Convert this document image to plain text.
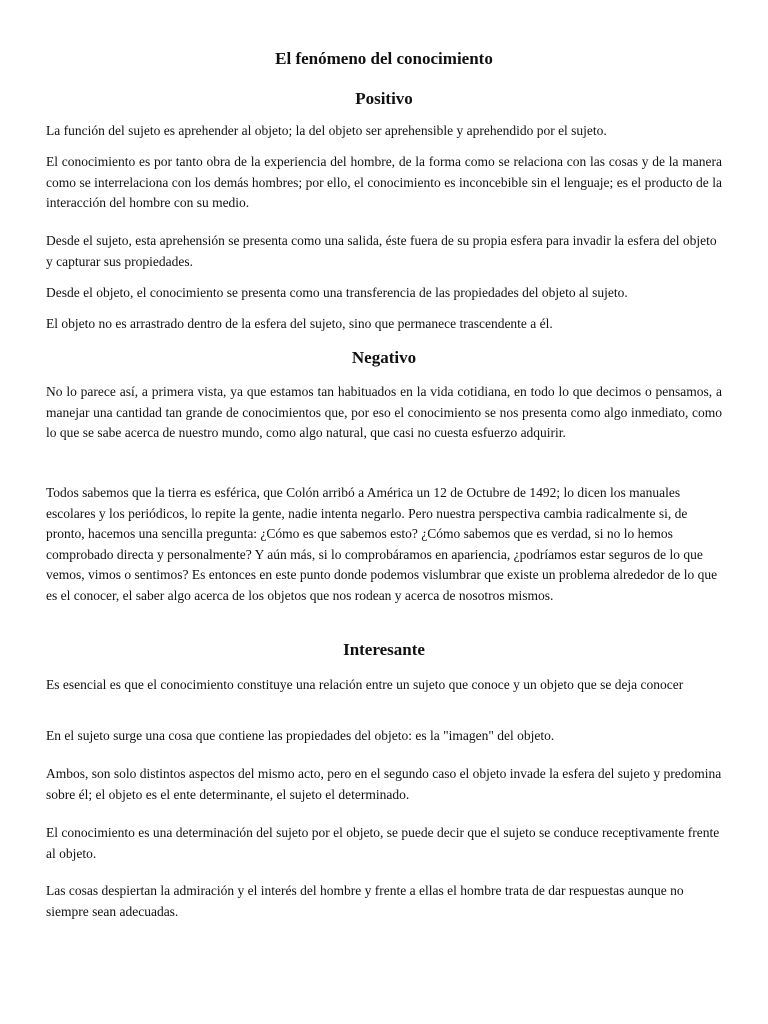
El fenómeno del conocimiento
Positivo

La función del sujeto es aprehender al objeto; la del objeto ser aprehensible y aprehendido por el sujeto.

El conocimiento es por tanto obra de la experiencia del hombre, de la forma como se relaciona con las cosas y de la manera como se interrelaciona con los demás hombres; por ello, el conocimiento es inconcebible sin el lenguaje; es el producto de la interacción del hombre con su medio.

Desde el sujeto, esta aprehensión se presenta como una salida, éste fuera de su propia esfera para invadir la esfera del objeto y capturar sus propiedades.

Desde el objeto, el conocimiento se presenta como una transferencia de las propiedades del objeto al sujeto.

El objeto no es arrastrado dentro de la esfera del sujeto, sino que permanece trascendente a él.

Negativo

No lo parece así, a primera vista, ya que estamos tan habituados en la vida cotidiana, en todo lo que decimos o pensamos, a manejar una cantidad tan grande de conocimientos que, por eso el conocimiento se nos presenta como algo inmediato, como lo que se sabe acerca de nuestro mundo, como algo natural, que casi no cuesta esfuerzo adquirir.

Todos sabemos que la tierra es esférica, que Colón arribó a América un 12 de Octubre de 1492; lo dicen los manuales escolares y los periódicos, lo repite la gente, nadie intenta negarlo. Pero nuestra perspectiva cambia radicalmente si, de pronto, hacemos una sencilla pregunta: ¿Cómo es que sabemos esto? ¿Cómo sabemos que es verdad, si no lo hemos comprobado directa y personalmente? Y aún más, si lo comprobáramos en apariencia, ¿podríamos estar seguros de lo que vemos, vimos o sentimos? Es entonces en este punto donde podemos vislumbrar que existe un problema alrededor de lo que es el conocer, el saber algo acerca de los objetos que nos rodean y acerca de nosotros mismos.

Interesante

Es esencial es que el conocimiento constituye una relación entre un sujeto que conoce y un objeto que se deja conocer

En el sujeto surge una cosa que contiene las propiedades del objeto: es la "imagen" del objeto.

Ambos, son solo distintos aspectos del mismo acto, pero en el segundo caso el objeto invade la esfera del sujeto y predomina sobre él; el objeto es el ente determinante, el sujeto el determinado.

El conocimiento es una determinación del sujeto por el objeto, se puede decir que el sujeto se conduce receptivamente frente al objeto.

Las cosas despiertan la admiración y el interés del hombre y frente a ellas el hombre trata de dar respuestas aunque no siempre sean adecuadas.
